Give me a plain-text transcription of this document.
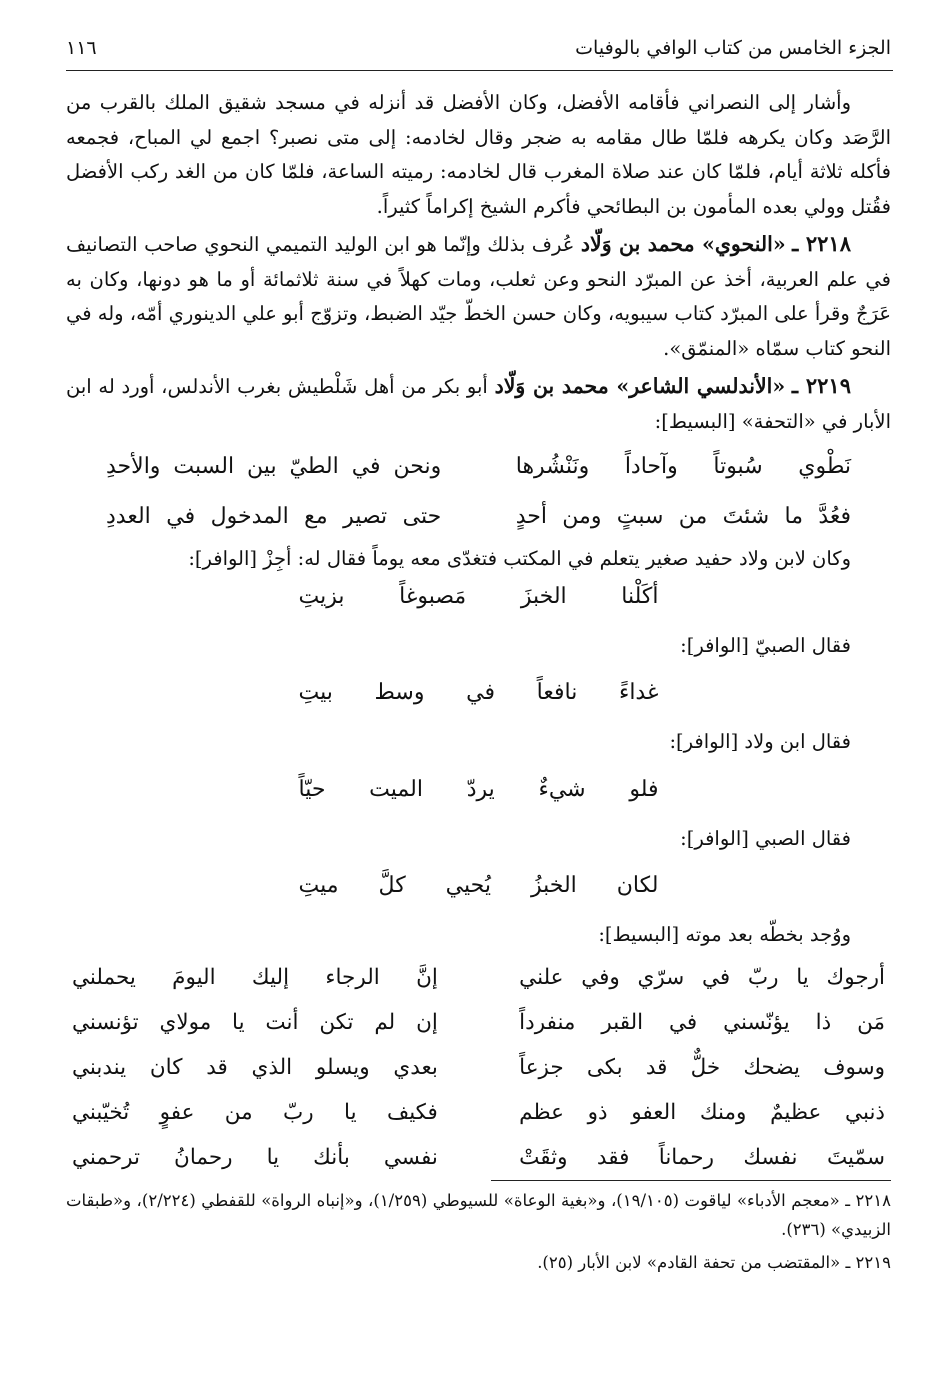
الجزء الخامس من كتاب الوافي بالوفيات
١١٦

وأشار إلى النصراني فأقامه الأفضل، وكان الأفضل قد أنزله في مسجد شقيق الملك بالقرب من الرَّصَد وكان يكرهه فلمّا طال مقامه به ضجر وقال لخادمه: إلى متى نصبر؟ اجمع لي المباح، فجمعه فأكله ثلاثة أيام، فلمّا كان عند صلاة المغرب قال لخادمه: رميته الساعة، فلمّا كان من الغد ركب الأفضل فقُتل وولي بعده المأمون بن البطائحي فأكرم الشيخ إكراماً كثيراً.

٢٢١٨ ـ «النحوي» محمد بن وَلّاد عُرف بذلك وإنّما هو ابن الوليد التميمي النحوي صاحب التصانيف في علم العربية، أخذ عن المبرّد النحو وعن ثعلب، ومات كهلاً في سنة ثلاثمائة أو ما هو دونها، وكان به عَرَجٌ وقرأ على المبرّد كتاب سيبويه، وكان حسن الخطّ جيّد الضبط، وتزوّج أبو علي الدينوري أمّه، وله في النحو كتاب سمّاه «المنمّق».

٢٢١٩ ـ «الأندلسي الشاعر» محمد بن وَلّاد أبو بكر من أهل شَلْطيش بغرب الأندلس، أورد له ابن الأبار في «التحفة» [البسيط]:

نَطْوي سُبوتاً وآحاداً ونَنْشُرها
ونحن في الطيّ بين السبت والأحدِ
فعُدَّ ما شئتَ من سبتٍ ومن أحدٍ
حتى تصير مع المدخول في العددِ

وكان لابن ولاد حفيد صغير يتعلم في المكتب فتغدّى معه يوماً فقال له: أجِزْ [الوافر]:

أكَلْنا الخبزَ مَصبوغاً بزيتِ

فقال الصبيّ [الوافر]:

غداءً نافعاً في وسط بيتِ

فقال ابن ولاد [الوافر]:

فلو شيءٌ يردّ الميت حيّاً

فقال الصبي [الوافر]:

لكان الخبزُ يُحيي كلَّ ميتِ

ووُجد بخطّه بعد موته [البسيط]:

أرجوك يا ربّ في سرّي وفي علني
إنَّ الرجاء إليك اليومَ يحملني
مَن ذا يؤنّسني في القبر منفرداً
إن لم تكن أنت يا مولاي تؤنسني
وسوف يضحك خلٌّ قد بكى جزعاً
بعدي ويسلو الذي قد كان يندبني
ذنبي عظيمٌ ومنك العفو ذو عظم
فكيف يا ربّ من عفوٍ تُخيّبني
سمّيتَ نفسك رحماناً فقد وثقَتْ
نفسي بأنك يا رحمانُ ترحمني

٢٢١٨ ـ «معجم الأدباء» لياقوت (١٩/١٠٥)، و«بغية الوعاة» للسيوطي (١/٢٥٩)، و«إنباه الرواة» للقفطي (٢/٢٢٤)، و«طبقات الزبيدي» (٢٣٦).

٢٢١٩ ـ «المقتضب من تحفة القادم» لابن الأبار (٢٥).
